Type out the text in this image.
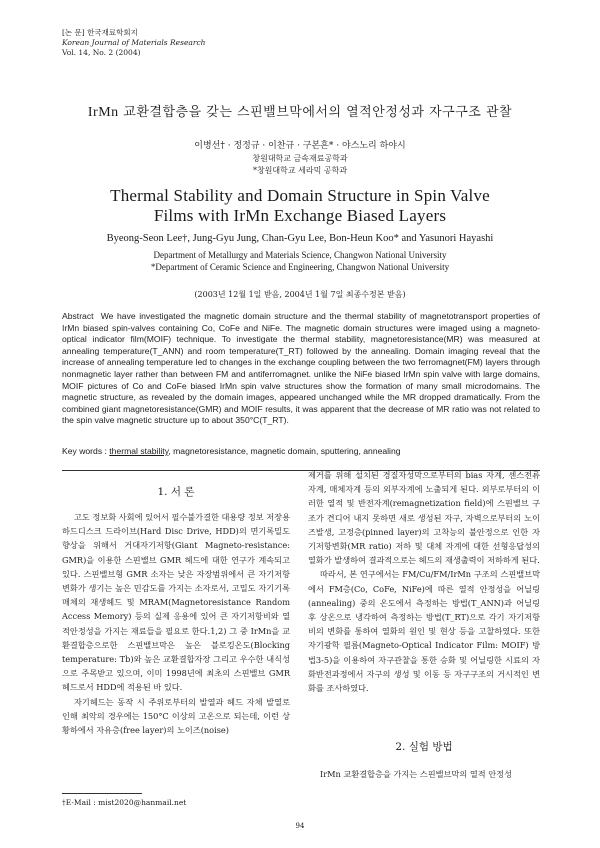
[논 문] 한국재료학회지
Korean Journal of Materials Research
Vol. 14, No. 2 (2004)
IrMn 교환결합층을 갖는 스핀밸브막에서의 열적안정성과 자구구조 관찰
이병선† · 정정규 · 이찬규 · 구본흔* · 야스노리 하야시
창원대학교 금속재료공학과
*창원대학교 세라믹 공학과
Thermal Stability and Domain Structure in Spin Valve
Films with IrMn Exchange Biased Layers
Byeong-Seon Lee†, Jung-Gyu Jung, Chan-Gyu Lee, Bon-Heun Koo* and Yasunori Hayashi
Department of Metallurgy and Materials Science, Changwon National University
*Department of Ceramic Science and Engineering, Changwon National University
(2003년 12월 1일 받음, 2004년 1월 7일 최종수정본 받음)
Abstract We have investigated the magnetic domain structure and the thermal stability of magnetotransport properties of IrMn biased spin-valves containing Co, CoFe and NiFe. The magnetic domain structures were imaged using a magneto-optical indicator film(MOIF) technique. To investigate the thermal stability, magnetoresistance(MR) was measured at annealing temperature(T_ANN) and room temperature(T_RT) followed by the annealing. Domain imaging reveal that the increase of annealing temperature led to changes in the exchange coupling between the two ferromagnet(FM) layers through nonmagnetic layer rather than between FM and antiferromagnet. unlike the NiFe biased IrMn spin valve with large domains, MOIF pictures of Co and CoFe biased IrMn spin valve structures show the formation of many small microdomains. The magnetic structure, as revealed by the domain images, appeared unchanged while the MR dropped dramatically. From the combined giant magnetoresistance(GMR) and MOIF results, it was apparent that the decrease of MR ratio was not related to the spin valve magnetic structure up to about 350°C(T_RT).
Key words : thermal stability, magnetoresistance, magnetic domain, sputtering, annealing
1. 서 론

고도 정보화 사회에 있어서 필수불가결한 대용량 정보 저장용 하드디스크 드라이브(Hard Disc Drive, HDD)의 면기록밀도 향상을 위해서 거대자기저항(Giant Magneto-resistance: GMR)을 이용한 스핀밸브 GMR 헤드에 대한 연구가 계속되고 있다. 스핀밸브형 GMR 소자는 낮은 자장범위에서 큰 자기저항변화가 생기는 높은 민감도를 가지는 소자로서, 고밀도 자기기록매체의 재생헤드 및 MRAM(Magnetoresistance Random Access Memory) 등의 실제 응용에 있어 큰 자기저항비와 열적안정성을 가지는 재료들을 필요로 한다.1,2) 그 중 IrMn을 교환결합층으로한 스핀밸브막은 높은 블로킹온도(Blocking temperature: Tb)와 높은 교환결합자장 그리고 우수한 내식성으로 주목받고 있으며, 이미 1998년에 최초의 스핀밸브 GMR 헤드로서 HDD에 적용된 바 있다.

자기헤드는 동작 시 주위로부터의 발열과 헤드 자체 발열로 인해 최악의 경우에는 150°C 이상의 고온으로 되는데, 이런 상황하에서 자유층(free layer)의 노이즈(noise)

제거를 위해 설치된 경질자성막으로부터의 bias 자계, 센스전류자계, 매체자계 등의 외부자계에 노출되게 된다. 외부로부터의 이러한 열적 및 반전자계(remagnetization field)에 스핀밸브 구조가 견디어 내지 못하면 새로 생성된 자구, 자벽으로부터의 노이즈발생, 고정층(pinned layer)의 고착능의 불안정으로 인한 자기저항변화(MR ratio) 저하 및 대체 자계에 대한 선형응답성의 열화가 발생하여 결과적으로는 헤드의 재생출력이 저하하게 된다.

따라서, 본 연구에서는 FM/Cu/FM/IrMn 구조의 스핀밸브막에서 FM층(Co, CoFe, NiFe)에 따른 열적 안정성을 어닐링(annealing) 중의 온도에서 측정하는 방법(T_ANN)과 어닐링 후 상온으로 냉각하여 측정하는 방법(T_RT)으로 각기 자기저항비의 변화를 통하여 열화의 원인 및 현상 등을 고찰하였다. 또한 자기광학 필름(Magneto-Optical Indicator Film: MOIF) 방법3-5)을 이용하여 자구관찰을 통한 승화 및 어닐링한 시료의 자화반전과정에서 자구의 생성 및 이동 등 자구구조의 거시적인 변화를 조사하였다.

2. 실험 방법

IrMn 교환결합층을 가지는 스핀밸브막의 열적 안정성

†E-Mail : mist2020@hanmail.net
94
